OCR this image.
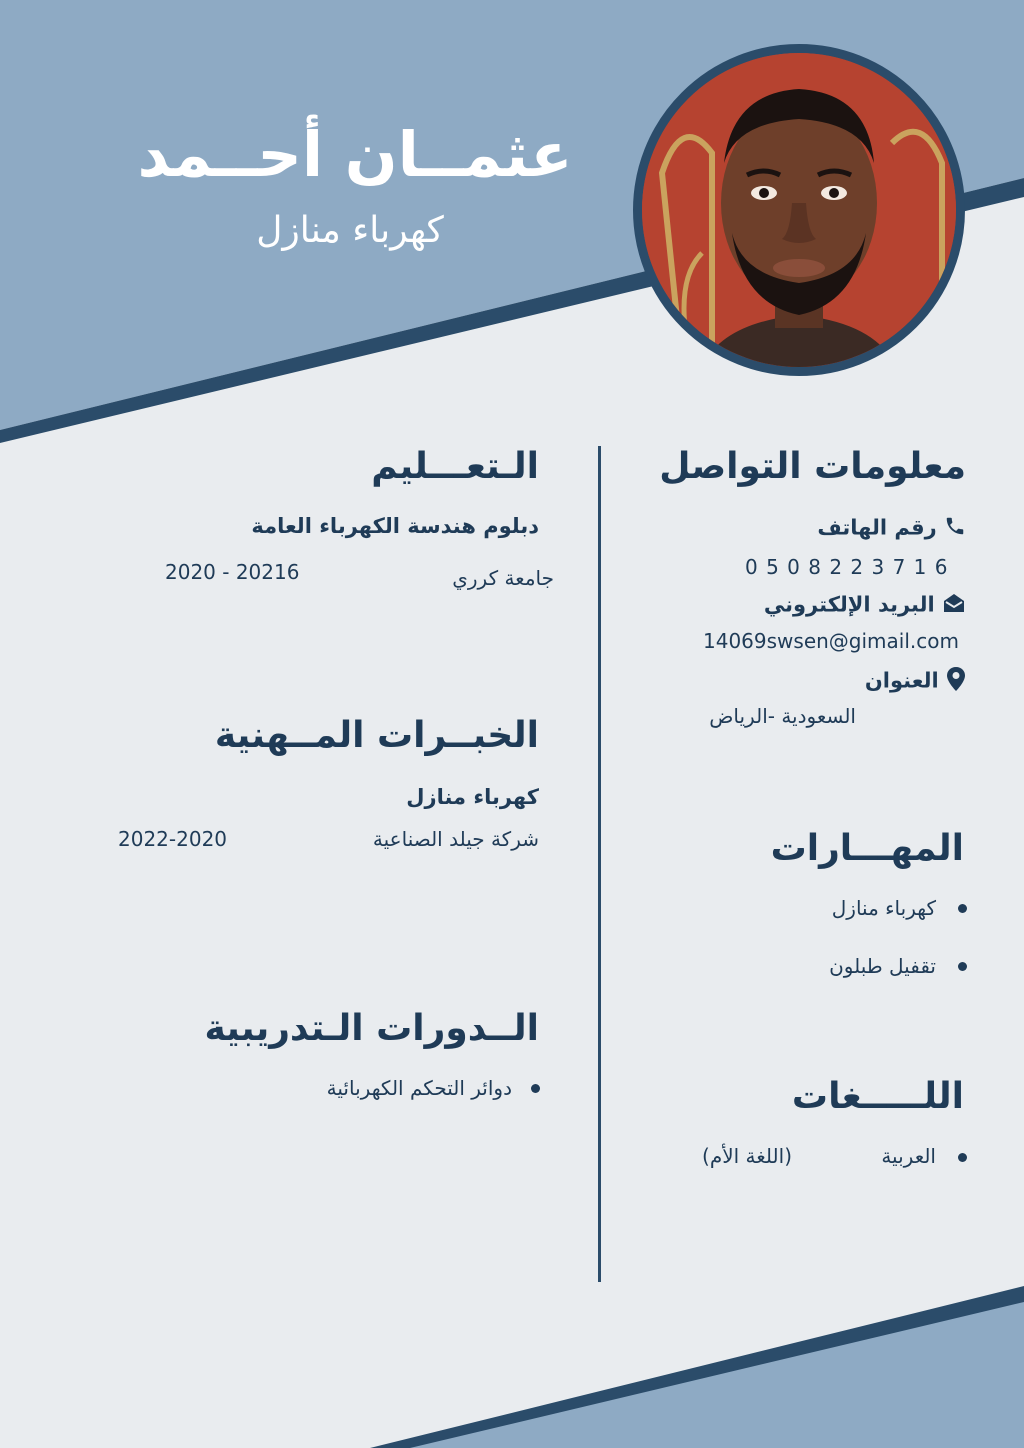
عثمــان أحــمد
كهرباء منازل
معلومات التواصل
رقم الهاتف
0 5 0 8 2 2 3 7 1 6
البريد الإلكتروني
14069swsen@gimail.com
العنوان
السعودية -الرياض
المهـــارات
كهرباء منازل
تقفيل طبلون
اللـــــغات
العربية
(اللغة الأم)
الـتعـــليم
دبلوم هندسة الكهرباء العامة
جامعة كرري
2020 - 20216
الخبــرات المــهنية
كهرباء منازل
شركة جيلد الصناعية
2022-2020
الــدورات الـتدريبية
دوائر التحكم الكهربائية
